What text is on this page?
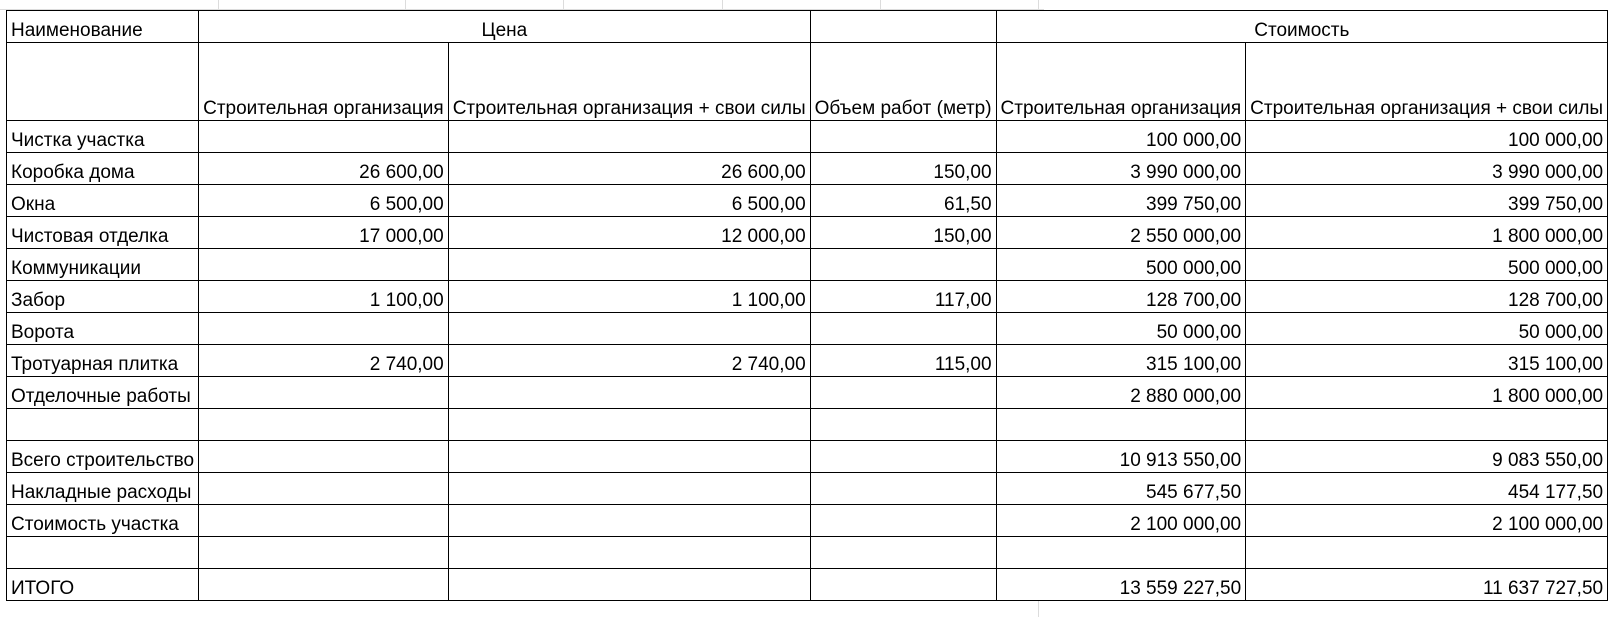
Наименование	Цена			Стоимость	
	Строительная организация	Строительная организация + свои силы	Объем работ (метр)	Строительная организация	Строительная организация + свои силы
Чистка участка				100 000,00	100 000,00
Коробка дома	26 600,00	26 600,00	150,00	3 990 000,00	3 990 000,00
Окна	6 500,00	6 500,00	61,50	399 750,00	399 750,00
Чистовая отделка	17 000,00	12 000,00	150,00	2 550 000,00	1 800 000,00
Коммуникации				500 000,00	500 000,00
Забор	1 100,00	1 100,00	117,00	128 700,00	128 700,00
Ворота				50 000,00	50 000,00
Тротуарная плитка	2 740,00	2 740,00	115,00	315 100,00	315 100,00
Отделочные работы				2 880 000,00	1 800 000,00

Всего строительство				10 913 550,00	9 083 550,00
Накладные расходы				545 677,50	454 177,50
Стоимость участка				2 100 000,00	2 100 000,00

ИТОГО				13 559 227,50	11 637 727,50
